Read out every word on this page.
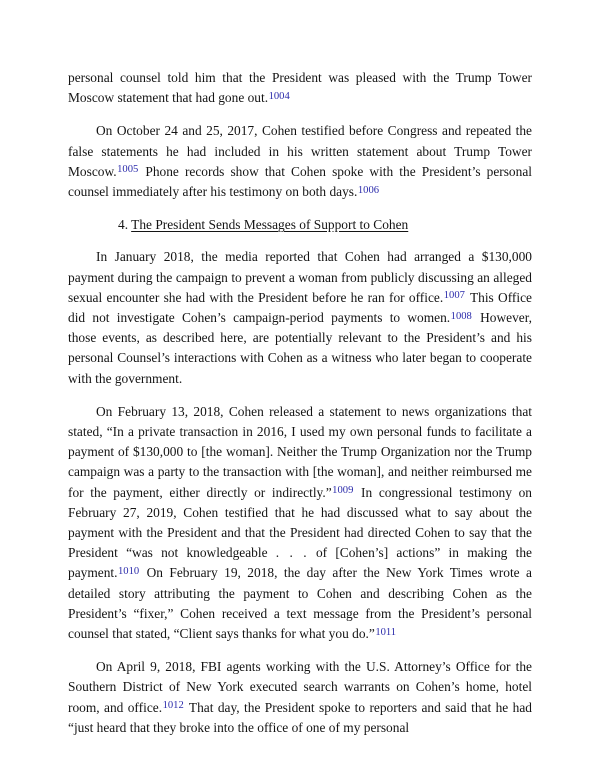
personal counsel told him that the President was pleased with the Trump Tower Moscow statement that had gone out.$^{1004}$

On October 24 and 25, 2017, Cohen testified before Congress and repeated the false statements he had included in his written statement about Trump Tower Moscow.$^{1005}$ Phone records show that Cohen spoke with the President’s personal counsel immediately after his testimony on both days.$^{1006}$

4. The President Sends Messages of Support to Cohen

In January 2018, the media reported that Cohen had arranged a $130,000 payment during the campaign to prevent a woman from publicly discussing an alleged sexual encounter she had with the President before he ran for office.$^{1007}$ This Office did not investigate Cohen’s campaign-period payments to women.$^{1008}$ However, those events, as described here, are potentially relevant to the President’s and his personal Counsel’s interactions with Cohen as a witness who later began to cooperate with the government.

On February 13, 2018, Cohen released a statement to news organizations that stated, “In a private transaction in 2016, I used my own personal funds to facilitate a payment of $130,000 to [the woman]. Neither the Trump Organization nor the Trump campaign was a party to the transaction with [the woman], and neither reimbursed me for the payment, either directly or indirectly.”$^{1009}$ In congressional testimony on February 27, 2019, Cohen testified that he had discussed what to say about the payment with the President and that the President had directed Cohen to say that the President “was not knowledgeable . . . of [Cohen’s] actions” in making the payment.$^{1010}$ On February 19, 2018, the day after the New York Times wrote a detailed story attributing the payment to Cohen and describing Cohen as the President’s “fixer,” Cohen received a text message from the President’s personal counsel that stated, “Client says thanks for what you do.”$^{1011}$

On April 9, 2018, FBI agents working with the U.S. Attorney’s Office for the Southern District of New York executed search warrants on Cohen’s home, hotel room, and office.$^{1012}$ That day, the President spoke to reporters and said that he had “just heard that they broke into the office of one of my personal
